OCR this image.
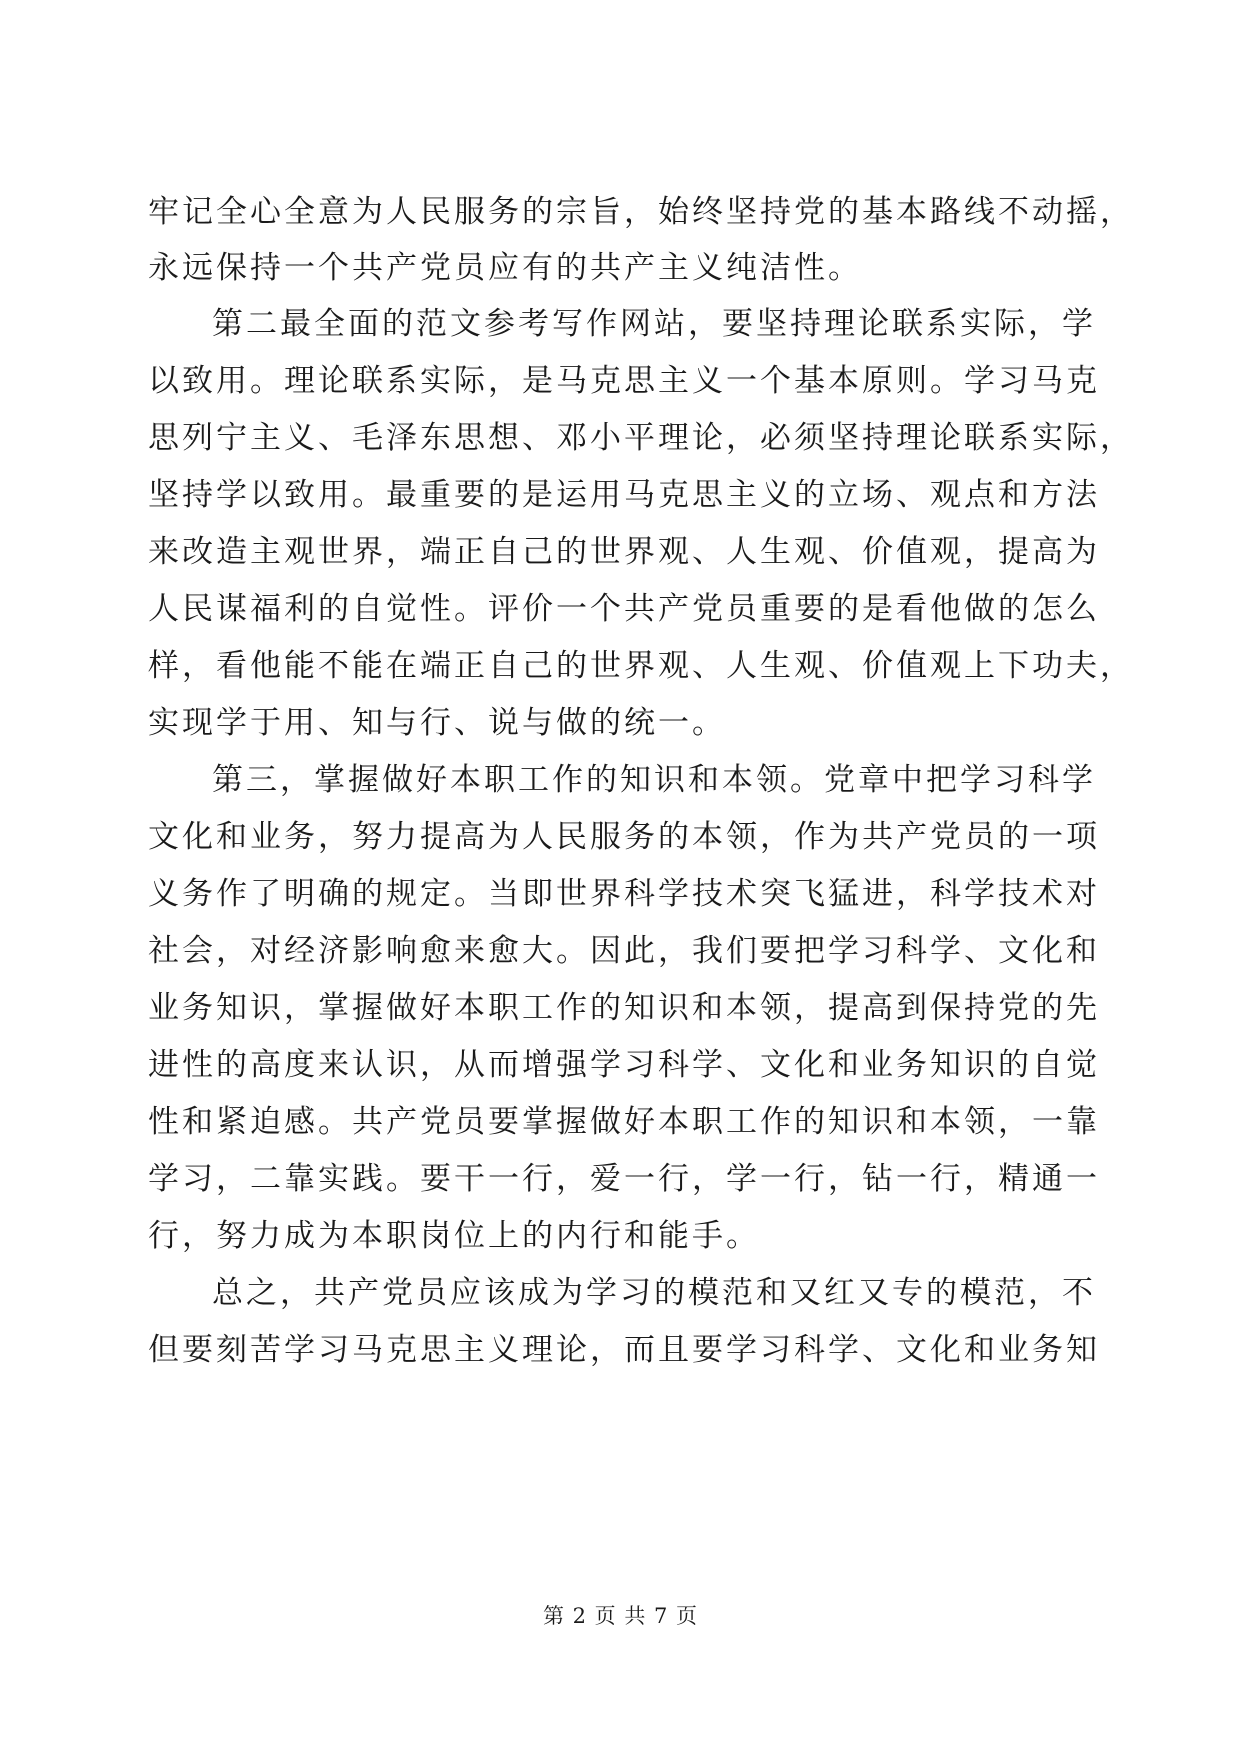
牢记全心全意为人民服务的宗旨，始终坚持党的基本路线不动摇，
永远保持一个共产党员应有的共产主义纯洁性。
第二最全面的范文参考写作网站，要坚持理论联系实际，学
以致用。理论联系实际，是马克思主义一个基本原则。学习马克
思列宁主义、毛泽东思想、邓小平理论，必须坚持理论联系实际，
坚持学以致用。最重要的是运用马克思主义的立场、观点和方法
来改造主观世界，端正自己的世界观、人生观、价值观，提高为
人民谋福利的自觉性。评价一个共产党员重要的是看他做的怎么
样，看他能不能在端正自己的世界观、人生观、价值观上下功夫，
实现学于用、知与行、说与做的统一。
第三，掌握做好本职工作的知识和本领。党章中把学习科学
文化和业务，努力提高为人民服务的本领，作为共产党员的一项
义务作了明确的规定。当即世界科学技术突飞猛进，科学技术对
社会，对经济影响愈来愈大。因此，我们要把学习科学、文化和
业务知识，掌握做好本职工作的知识和本领，提高到保持党的先
进性的高度来认识，从而增强学习科学、文化和业务知识的自觉
性和紧迫感。共产党员要掌握做好本职工作的知识和本领，一靠
学习，二靠实践。要干一行，爱一行，学一行，钻一行，精通一
行，努力成为本职岗位上的内行和能手。
总之，共产党员应该成为学习的模范和又红又专的模范，不
但要刻苦学习马克思主义理论，而且要学习科学、文化和业务知
第 2 页 共 7 页
